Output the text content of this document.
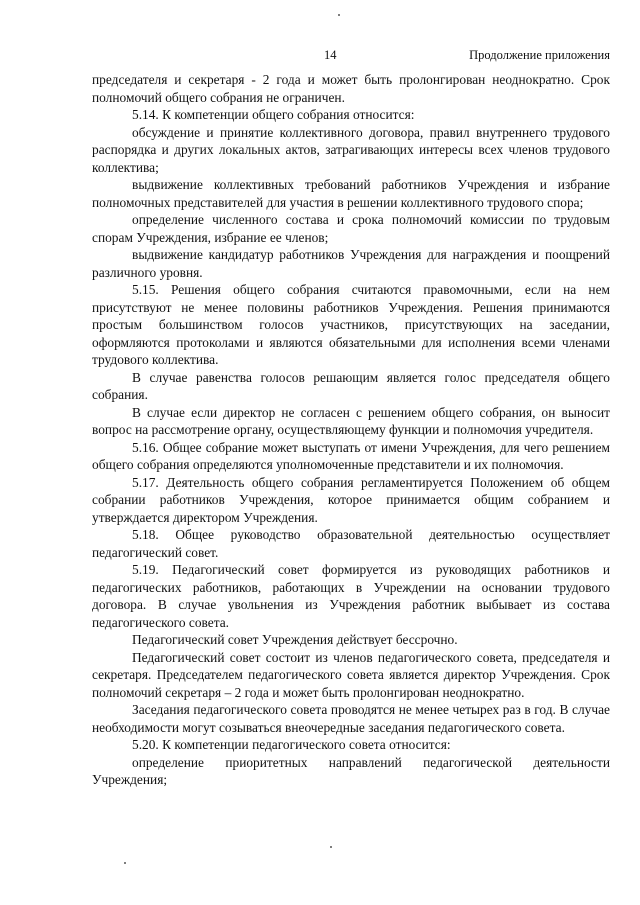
14	Продолжение приложения

председателя и секретаря - 2 года и может быть пролонгирован неоднократно. Срок полномочий общего собрания не ограничен.

5.14. К компетенции общего собрания относится:

обсуждение и принятие коллективного договора, правил внутреннего трудового распорядка и других локальных актов, затрагивающих интересы всех членов трудового коллектива;

выдвижение коллективных требований работников Учреждения и избрание полномочных представителей для участия в решении коллективного трудового спора;

определение численного состава и срока полномочий комиссии по трудовым спорам Учреждения, избрание ее членов;

выдвижение кандидатур работников Учреждения для награждения и поощрений различного уровня.

5.15. Решения общего собрания считаются правомочными, если на нем присутствуют не менее половины работников Учреждения. Решения принимаются простым большинством голосов участников, присутствующих на заседании, оформляются протоколами и являются обязательными для исполнения всеми членами трудового коллектива.

В случае равенства голосов решающим является голос председателя общего собрания.

В случае если директор не согласен с решением общего собрания, он выносит вопрос на рассмотрение органу, осуществляющему функции и полномочия учредителя.

5.16. Общее собрание может выступать от имени Учреждения, для чего решением общего собрания определяются уполномоченные представители и их полномочия.

5.17. Деятельность общего собрания регламентируется Положением об общем собрании работников Учреждения, которое принимается общим собранием и утверждается директором Учреждения.

5.18. Общее руководство образовательной деятельностью осуществляет педагогический совет.

5.19. Педагогический совет формируется из руководящих работников и педагогических работников, работающих в Учреждении на основании трудового договора. В случае увольнения из Учреждения работник выбывает из состава педагогического совета.

Педагогический совет Учреждения действует бессрочно.

Педагогический совет состоит из членов педагогического совета, председателя и секретаря. Председателем педагогического совета является директор Учреждения. Срок полномочий секретаря – 2 года и может быть пролонгирован неоднократно.

Заседания педагогического совета проводятся не менее четырех раз в год. В случае необходимости могут созываться внеочередные заседания педагогического совета.

5.20. К компетенции педагогического совета относится:

определение приоритетных направлений педагогической деятельности Учреждения;
